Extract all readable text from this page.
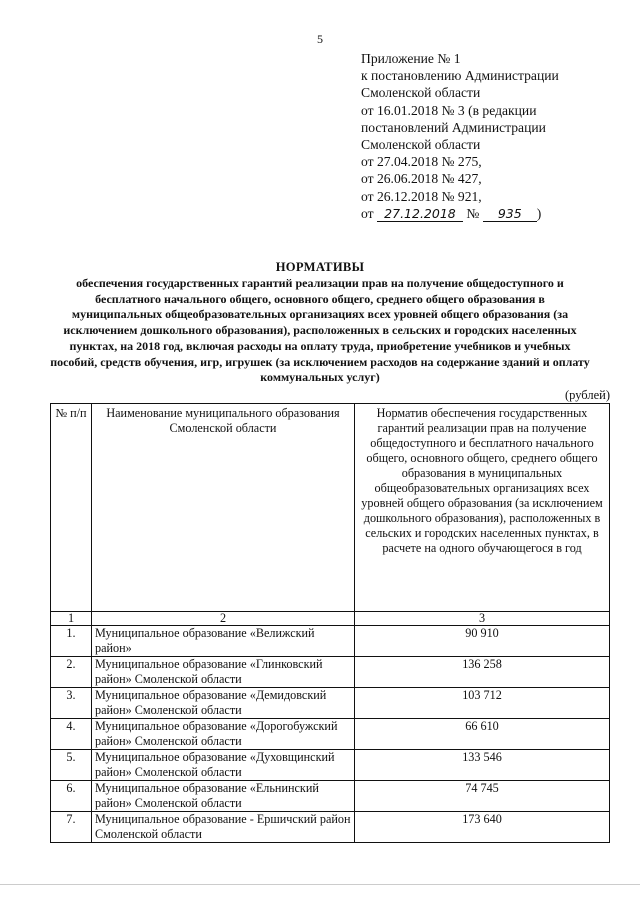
5
Приложение № 1
к постановлению Администрации
Смоленской области
от 16.01.2018 № 3 (в редакции
постановлений Администрации
Смоленской области
от 27.04.2018 № 275,
от 26.06.2018 № 427,
от 26.12.2018 № 921,
от 27.12.2018 № 935 )
НОРМАТИВЫ
обеспечения государственных гарантий реализации прав на получение общедоступного и бесплатного начального общего, основного общего, среднего общего образования в муниципальных общеобразовательных организациях всех уровней общего образования (за исключением дошкольного образования), расположенных в сельских и городских населенных пунктах, на 2018 год, включая расходы на оплату труда, приобретение учебников и учебных пособий, средств обучения, игр, игрушек (за исключением расходов на содержание зданий и оплату коммунальных услуг)
(рублей)
№ п/п	Наименование муниципального образования Смоленской области	Норматив обеспечения государственных гарантий реализации прав на получение общедоступного и бесплатного начального общего, основного общего, среднего общего образования в муниципальных общеобразовательных организациях всех уровней общего образования (за исключением дошкольного образования), расположенных в сельских и городских населенных пунктах, в расчете на одного обучающегося в год
1	2	3
1.	Муниципальное образование «Велижский район»	90 910
2.	Муниципальное образование «Глинковский район» Смоленской области	136 258
3.	Муниципальное образование «Демидовский район» Смоленской области	103 712
4.	Муниципальное образование «Дорогобужский район» Смоленской области	66 610
5.	Муниципальное образование «Духовщинский район» Смоленской области	133 546
6.	Муниципальное образование «Ельнинский район» Смоленской области	74 745
7.	Муниципальное образование - Ершичский район Смоленской области	173 640
